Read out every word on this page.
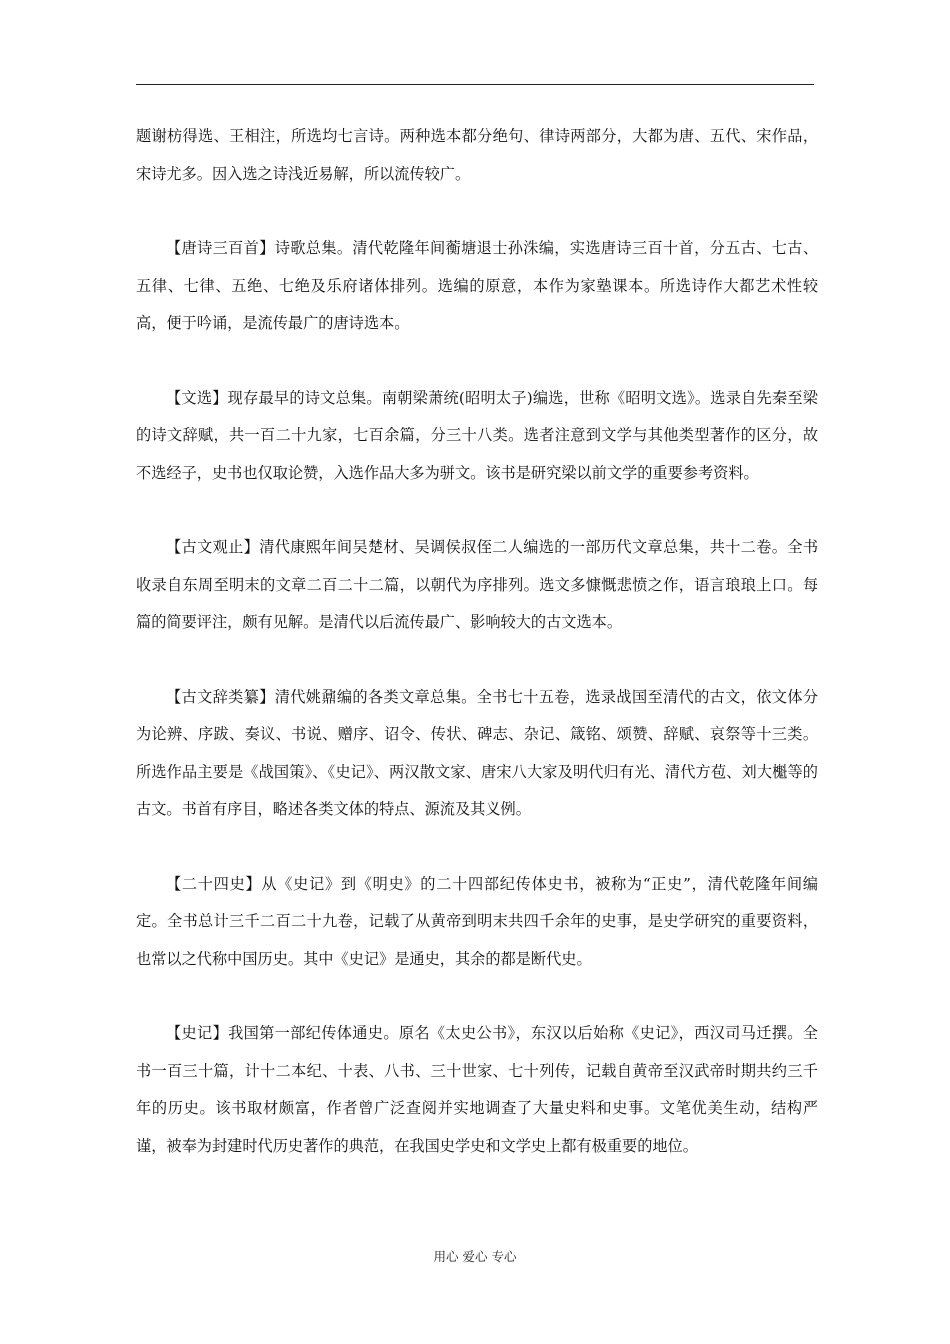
题谢枋得选、王相注，所选均七言诗。两种选本都分绝句、律诗两部分，大都为唐、五代、宋作品，宋诗尤多。因入选之诗浅近易解，所以流传较广。

【唐诗三百首】诗歌总集。清代乾隆年间蘅塘退士孙洙编，实选唐诗三百十首，分五古、七古、五律、七律、五绝、七绝及乐府诸体排列。选编的原意，本作为家塾课本。所选诗作大都艺术性较高，便于吟诵，是流传最广的唐诗选本。

【文选】现存最早的诗文总集。南朝梁萧统(昭明太子)编选，世称《昭明文选》。选录自先秦至梁的诗文辞赋，共一百二十九家，七百余篇，分三十八类。选者注意到文学与其他类型著作的区分，故不选经子，史书也仅取论赞，入选作品大多为骈文。该书是研究梁以前文学的重要参考资料。

【古文观止】清代康熙年间吴楚材、吴调侯叔侄二人编选的一部历代文章总集，共十二卷。全书收录自东周至明末的文章二百二十二篇，以朝代为序排列。选文多慷慨悲愤之作，语言琅琅上口。每篇的简要评注，颇有见解。是清代以后流传最广、影响较大的古文选本。

【古文辞类纂】清代姚鼐编的各类文章总集。全书七十五卷，选录战国至清代的古文，依文体分为论辨、序跋、奏议、书说、赠序、诏令、传状、碑志、杂记、箴铭、颂赞、辞赋、哀祭等十三类。所选作品主要是《战国策》、《史记》、两汉散文家、唐宋八大家及明代归有光、清代方苞、刘大櫆等的古文。书首有序目，略述各类文体的特点、源流及其义例。

【二十四史】从《史记》到《明史》的二十四部纪传体史书，被称为“正史”，清代乾隆年间编定。全书总计三千二百二十九卷，记载了从黄帝到明末共四千余年的史事，是史学研究的重要资料，也常以之代称中国历史。其中《史记》是通史，其余的都是断代史。

【史记】我国第一部纪传体通史。原名《太史公书》，东汉以后始称《史记》，西汉司马迁撰。全书一百三十篇，计十二本纪、十表、八书、三十世家、七十列传，记载自黄帝至汉武帝时期共约三千年的历史。该书取材颇富，作者曾广泛查阅并实地调查了大量史料和史事。文笔优美生动，结构严谨，被奉为封建时代历史著作的典范，在我国史学史和文学史上都有极重要的地位。

用心 爱心 专心
